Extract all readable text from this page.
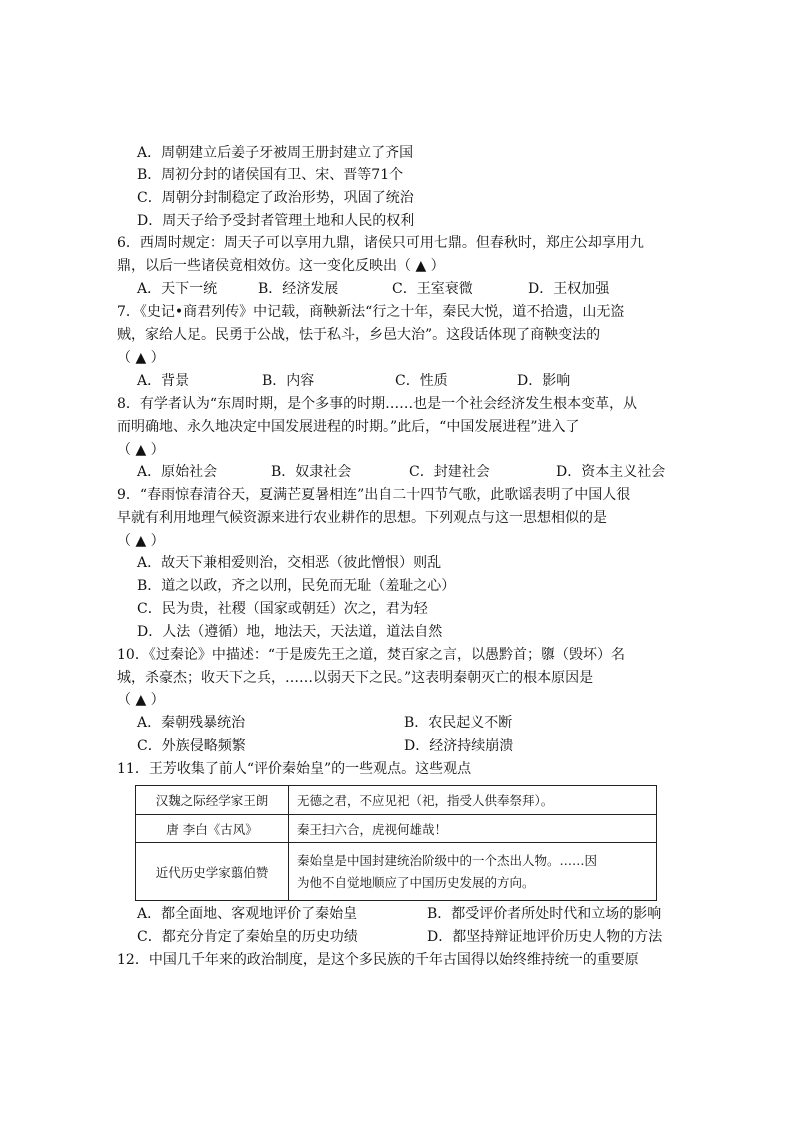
A．周朝建立后姜子牙被周王册封建立了齐国
B．周初分封的诸侯国有卫、宋、晋等71个
C．周朝分封制稳定了政治形势，巩固了统治
D．周天子给予受封者管理土地和人民的权利
6．西周时规定：周天子可以享用九鼎，诸侯只可用七鼎。但春秋时，郑庄公却享用九
鼎，以后一些诸侯竟相效仿。这一变化反映出（ ▲ ）
A．天下一统	B．经济发展	C．王室衰微	D．王权加强
7．《史记•商君列传》中记载，商鞅新法“行之十年，秦民大悦，道不拾遗，山无盗
贼，家给人足。民勇于公战，怯于私斗，乡邑大治”。这段话体现了商鞅变法的
（ ▲ ）
A．背景	B．内容	C．性质	D．影响
8．有学者认为“东周时期，是个多事的时期……也是一个社会经济发生根本变革，从
而明确地、永久地决定中国发展进程的时期。”此后，“中国发展进程”进入了
（ ▲ ）
A．原始社会	B．奴隶社会	C．封建社会	D．资本主义社会
9．“春雨惊春清谷天，夏满芒夏暑相连”出自二十四节气歌，此歌谣表明了中国人很
早就有利用地理气候资源来进行农业耕作的思想。下列观点与这一思想相似的是
（ ▲ ）
A．故天下兼相爱则治，交相恶（彼此憎恨）则乱
B．道之以政，齐之以刑，民免而无耻（羞耻之心）
C．民为贵，社稷（国家或朝廷）次之，君为轻
D．人法（遵循）地，地法天，天法道，道法自然
10．《过秦论》中描述：“于是废先王之道，焚百家之言，以愚黔首；隳（毁坏）名
城，杀豪杰；收天下之兵，……以弱天下之民。”这表明秦朝灭亡的根本原因是
（ ▲ ）
A．秦朝残暴统治	B．农民起义不断
C．外族侵略频繁	D．经济持续崩溃
11．王芳收集了前人“评价秦始皇”的一些观点。这些观点
汉魏之际经学家王朗	无德之君，不应见祀（祀，指受人供奉祭拜）。
唐 李白《古风》	秦王扫六合，虎视何雄哉！
近代历史学家翦伯赞	秦始皇是中国封建统治阶级中的一个杰出人物。……因
为他不自觉地顺应了中国历史发展的方向。
A．都全面地、客观地评价了秦始皇	B．都受评价者所处时代和立场的影响
C．都充分肯定了秦始皇的历史功绩	D．都坚持辩证地评价历史人物的方法
12．中国几千年来的政治制度，是这个多民族的千年古国得以始终维持统一的重要原
